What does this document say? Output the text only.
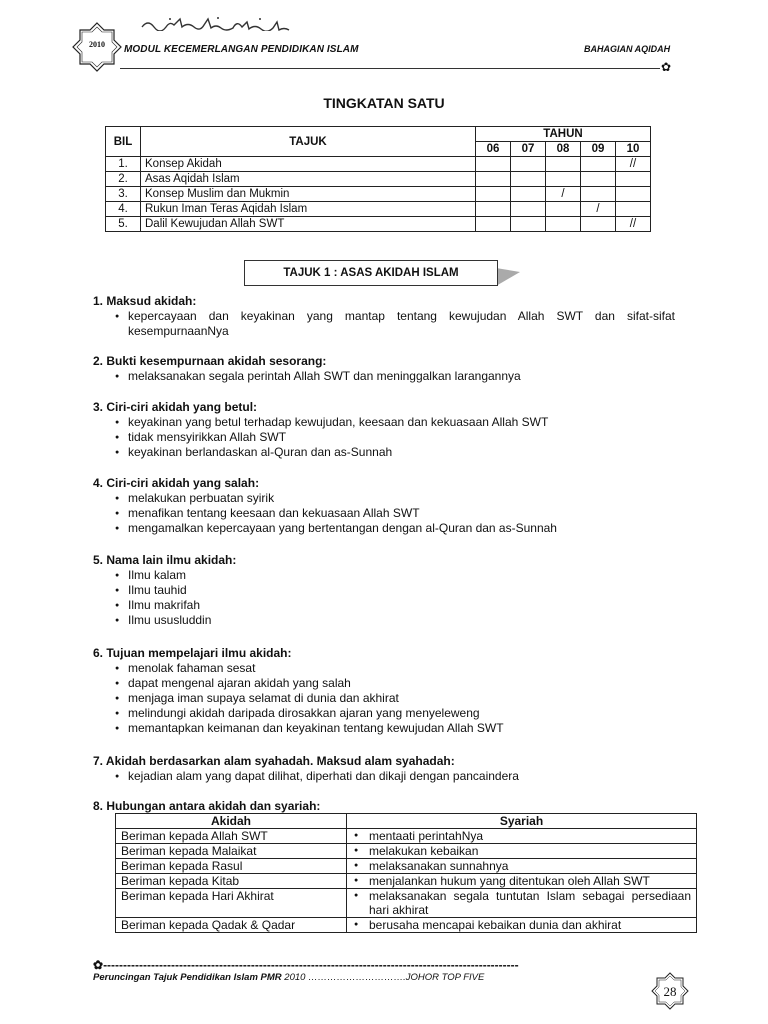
2010	MODUL KECEMERLANGAN PENDIDIKAN ISLAM	BAHAGIAN AQIDAH
✿
TINGKATAN SATU
BIL	TAJUK	TAHUN				
		06	07	08	09	10
1.	Konsep Akidah					//
2.	Asas Aqidah Islam					
3.	Konsep Muslim dan Mukmin			/		
4.	Rukun Iman Teras Aqidah Islam				/	
5.	Dalil Kewujudan Allah SWT					//
TAJUK 1 : ASAS AKIDAH ISLAM
1. Maksud akidah:
● kepercayaan dan keyakinan yang mantap tentang kewujudan Allah SWT dan sifat-sifat kesempurnaanNya
2. Bukti kesempurnaan akidah sesorang:
● melaksanakan segala perintah Allah SWT dan meninggalkan larangannya
3. Ciri-ciri akidah yang betul:
● keyakinan yang betul terhadap kewujudan, keesaan dan kekuasaan Allah SWT
● tidak mensyirikkan Allah SWT
● keyakinan berlandaskan al-Quran dan as-Sunnah
4. Ciri-ciri akidah yang salah:
● melakukan perbuatan syirik
● menafikan tentang keesaan dan kekuasaan Allah SWT
● mengamalkan kepercayaan yang bertentangan dengan al-Quran dan as-Sunnah
5. Nama lain ilmu akidah:
● Ilmu kalam
● Ilmu tauhid
● Ilmu makrifah
● Ilmu ususluddin
6. Tujuan mempelajari ilmu akidah:
● menolak fahaman sesat
● dapat mengenal ajaran akidah yang salah
● menjaga iman supaya selamat di dunia dan akhirat
● melindungi akidah daripada dirosakkan ajaran yang menyeleweng
● memantapkan keimanan dan keyakinan tentang kewujudan Allah SWT
7. Akidah berdasarkan alam syahadah. Maksud alam syahadah:
● kejadian alam yang dapat dilihat, diperhati dan dikaji dengan pancaindera
8. Hubungan antara akidah dan syariah:
Akidah	Syariah
Beriman kepada Allah SWT	● mentaati perintahNya
Beriman kepada Malaikat	● melakukan kebaikan
Beriman kepada Rasul	● melaksanakan sunnahnya
Beriman kepada Kitab	● menjalankan hukum yang ditentukan oleh Allah SWT
Beriman kepada Hari Akhirat	● melaksanakan segala tuntutan Islam sebagai persediaan hari akhirat
Beriman kepada Qadak & Qadar	● berusaha mencapai kebaikan dunia dan akhirat
✿--------------------------------------------------------------------------------------------------------
Peruncingan Tajuk Pendidikan Islam PMR 2010 ………………………….JOHOR TOP FIVE
28
